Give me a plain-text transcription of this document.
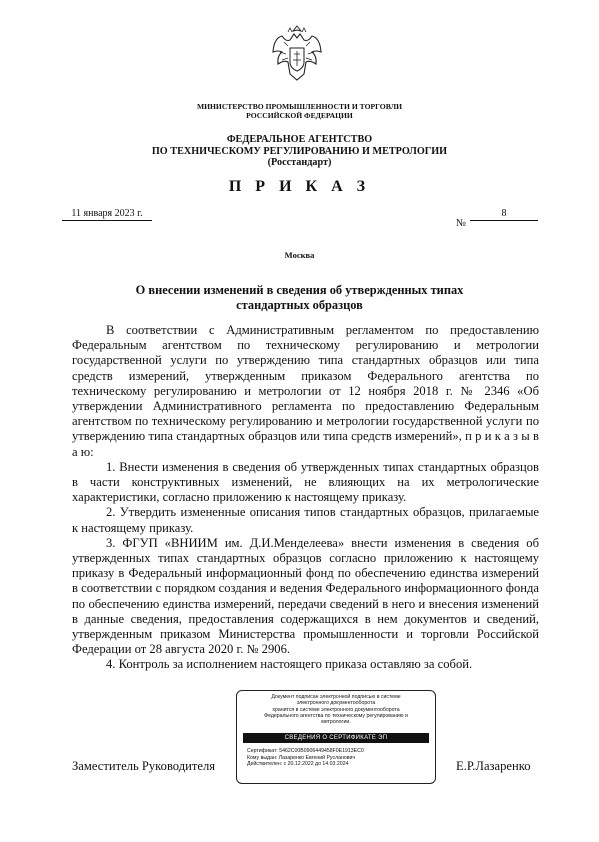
МИНИСТЕРСТВО ПРОМЫШЛЕННОСТИ И ТОРГОВЛИ
РОССИЙСКОЙ ФЕДЕРАЦИИ
ФЕДЕРАЛЬНОЕ АГЕНТСТВО
ПО ТЕХНИЧЕСКОМУ РЕГУЛИРОВАНИЮ И МЕТРОЛОГИИ
(Росстандарт)
П Р И К А З
11 января 2023 г.
№
8
Москва
О внесении изменений в сведения об утвержденных типах
стандартных образцов

В соответствии с Административным регламентом по предоставлению Федеральным агентством по техническому регулированию и метрологии государственной услуги по утверждению типа стандартных образцов или типа средств измерений, утвержденным приказом Федерального агентства по техническому регулированию и метрологии от 12 ноября 2018 г. № 2346 «Об утверждении Административного регламента по предоставлению Федеральным агентством по техническому регулированию и метрологии государственной услуги по утверждению типа стандартных образцов или типа средств измерений», п р и к а з ы в а ю:

1. Внести изменения в сведения об утвержденных типах стандартных образцов в части конструктивных изменений, не влияющих на их метрологические характеристики, согласно приложению к настоящему приказу.

2. Утвердить измененные описания типов стандартных образцов, прилагаемые к настоящему приказу.

3. ФГУП «ВНИИМ им. Д.И.Менделеева» внести изменения в сведения об утвержденных типах стандартных образцов согласно приложению к настоящему приказу в Федеральный информационный фонд по обеспечению единства измерений в соответствии с порядком создания и ведения Федерального информационного фонда по обеспечению единства измерений, передачи сведений в него и внесения изменений в данные сведения, предоставления содержащихся в нем документов и сведений, утвержденным приказом Министерства промышленности и торговли Российской Федерации от 28 августа 2020 г. № 2906.

4. Контроль за исполнением настоящего приказа оставляю за собой.

Заместитель Руководителя	Е.Р.Лазаренко
Документ подписан электронной подписью в системе
электронного документооборота
хранится в системе электронного документооборота
Федерального агентства по техническому регулированию и
метрологии.
СВЕДЕНИЯ О СЕРТИФИКАТЕ ЭП
Сертификат: 5462C00B0906449458F0E1913EC0
Кому выдан: Лазаренко Евгений Русланович
Действителен: с 20.12.2022 до 14.03.2024
